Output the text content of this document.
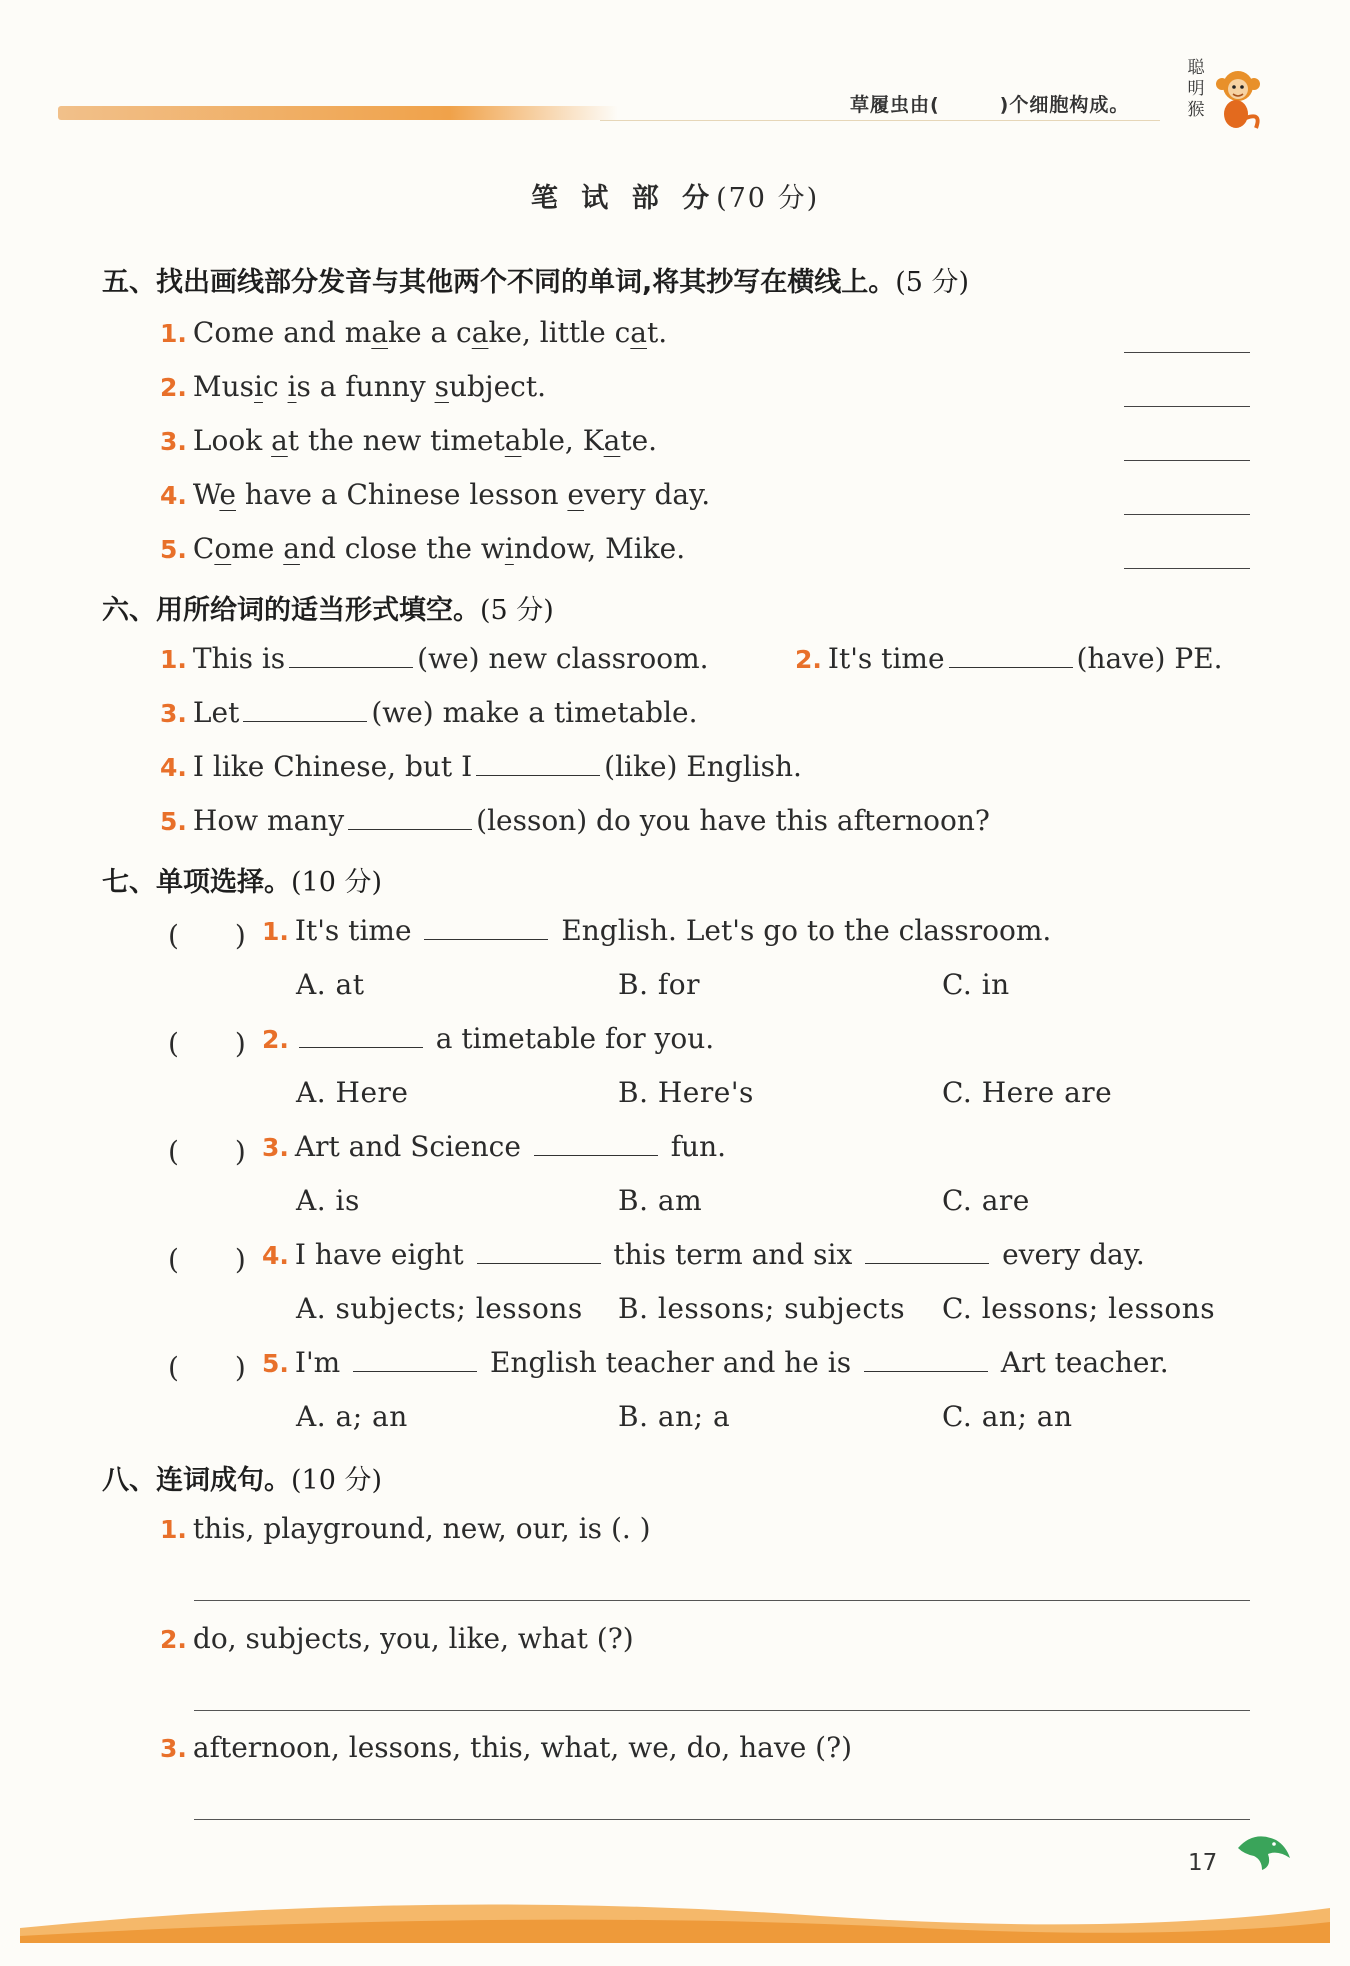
草履虫由(　　　)个细胞构成。
聪
明
猴
笔 试 部 分(70 分)
五、找出画线部分发音与其他两个不同的单词,将其抄写在横线上。(5 分)
1. Come and make a cake, little cat.
2. Music is a funny subject.
3. Look at the new timetable, Kate.
4. We have a Chinese lesson every day.
5. Come and close the window, Mike.
六、用所给词的适当形式填空。(5 分)
1. This is	(we) new classroom.	2. It's time	(have) PE.
3. Let	(we) make a timetable.
4. I like Chinese, but I	(like) English.
5. How many	(lesson) do you have this afternoon?
七、单项选择。(10 分)
(　　) 1. It's time	English. Let's go to the classroom.
A. at	B. for	C. in
(　　) 2.	a timetable for you.
A. Here	B. Here's	C. Here are
(　　) 3. Art and Science	fun.
A. is	B. am	C. are
(　　) 4. I have eight	this term and six	every day.
A. subjects; lessons B. lessons; subjects C. lessons; lessons
(　　) 5. I'm	English teacher and he is	Art teacher.
A. a; an	B. an; a	C. an; an
八、连词成句。(10 分)
1. this, playground, new, our, is (. )
2. do, subjects, you, like, what (?)
3. afternoon, lessons, this, what, we, do, have (?)
17
